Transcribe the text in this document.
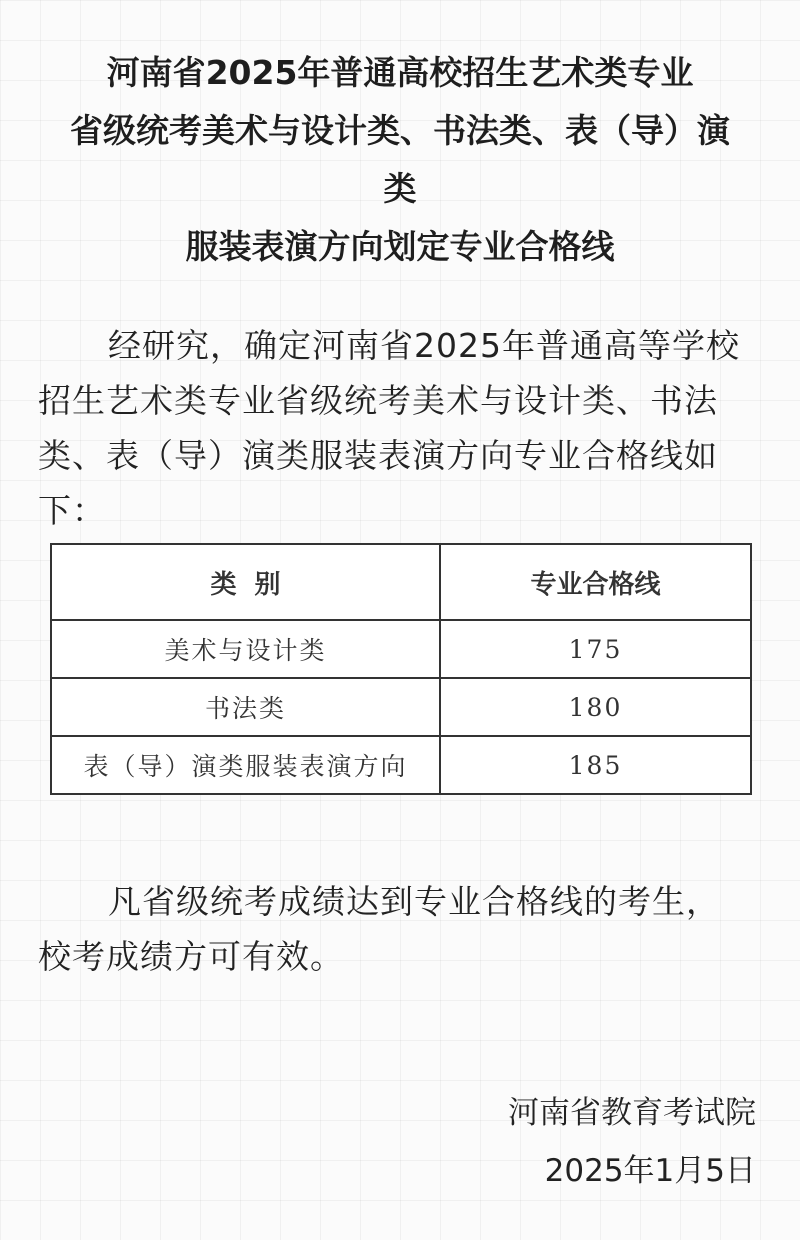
河南省2025年普通高校招生艺术类专业
省级统考美术与设计类、书法类、表（导）演
类
服装表演方向划定专业合格线
经研究，确定河南省2025年普通高等学校
招生艺术类专业省级统考美术与设计类、书法
类、表（导）演类服装表演方向专业合格线如
下：
类  别	专业合格线
美术与设计类	175
书法类	180
表（导）演类服装表演方向	185
凡省级统考成绩达到专业合格线的考生，
校考成绩方可有效。
河南省教育考试院
2025年1月5日
